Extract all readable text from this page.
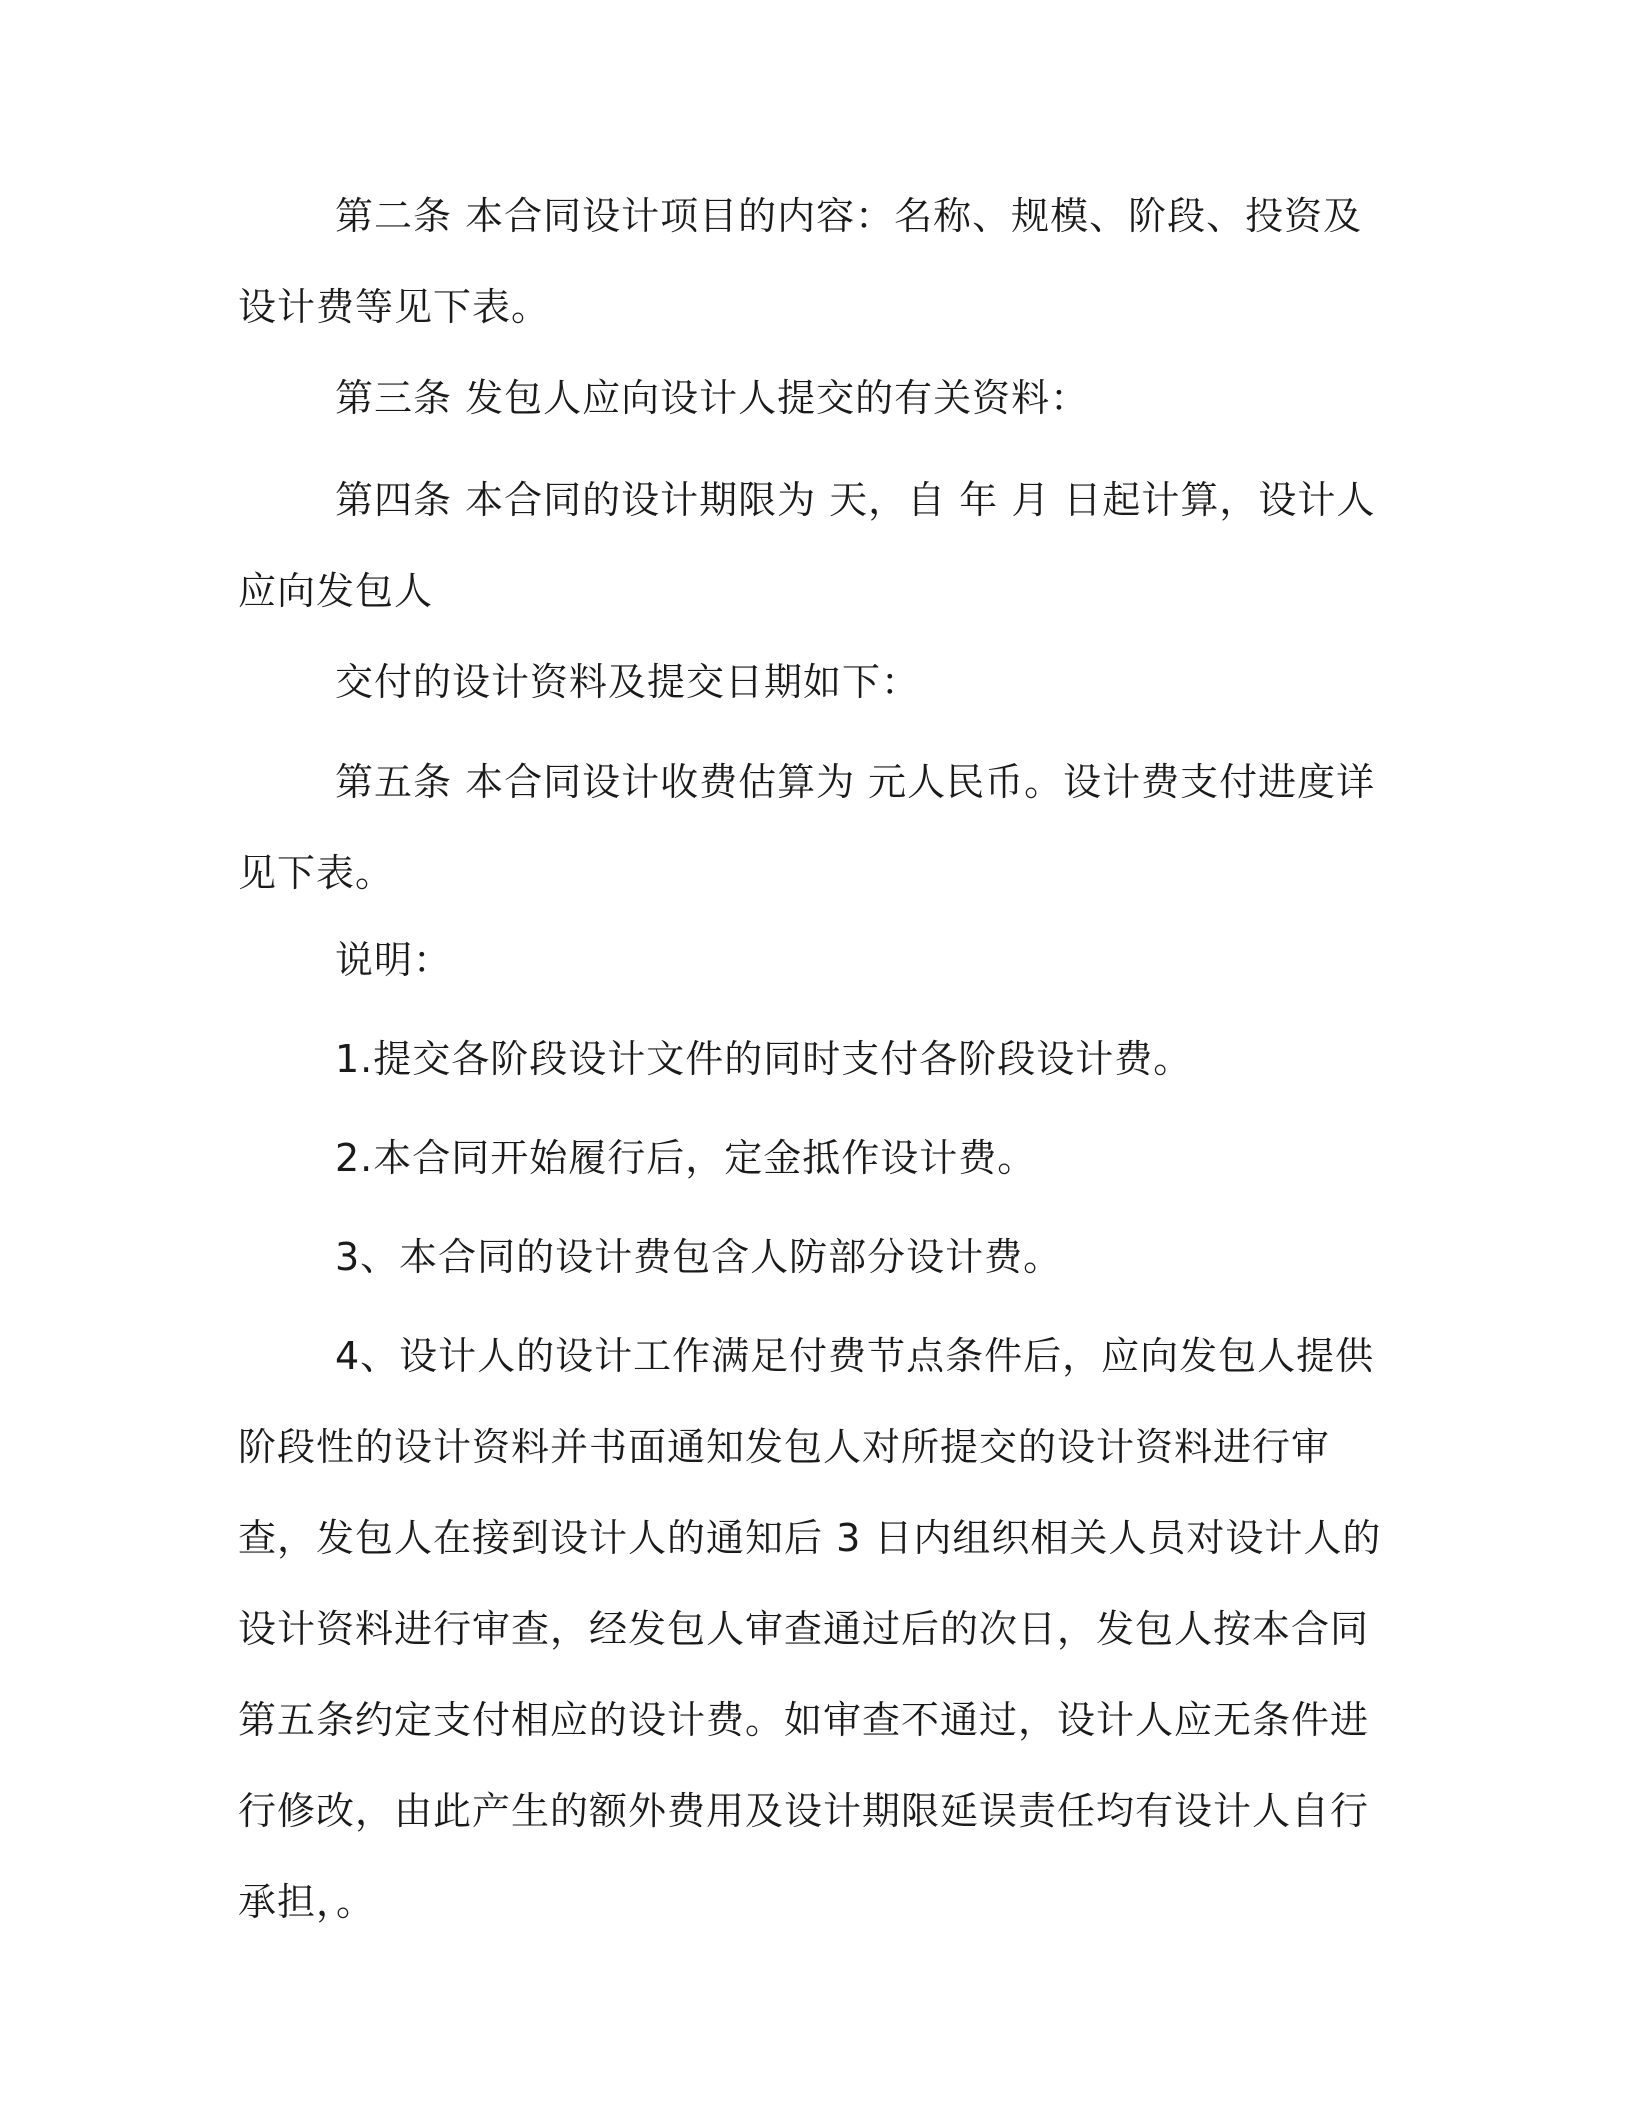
第二条 本合同设计项目的内容：名称、规模、阶段、投资及设计费等见下表。

第三条 发包人应向设计人提交的有关资料：

第四条 本合同的设计期限为 天，自 年 月 日起计算，设计人应向发包人

交付的设计资料及提交日期如下：

第五条 本合同设计收费估算为 元人民币。设计费支付进度详见下表。

说明：

1.提交各阶段设计文件的同时支付各阶段设计费。

2.本合同开始履行后，定金抵作设计费。

3、本合同的设计费包含人防部分设计费。

4、设计人的设计工作满足付费节点条件后，应向发包人提供阶段性的设计资料并书面通知发包人对所提交的设计资料进行审查，发包人在接到设计人的通知后 3 日内组织相关人员对设计人的设计资料进行审查，经发包人审查通过后的次日，发包人按本合同第五条约定支付相应的设计费。如审查不通过，设计人应无条件进行修改，由此产生的额外费用及设计期限延误责任均有设计人自行承担，。
